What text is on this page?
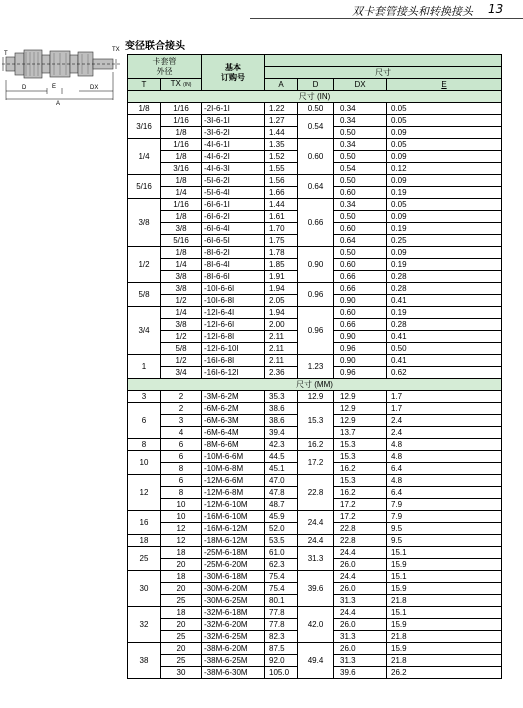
双卡套管接头和转换接头 13
变径联合接头
TX
T
D	E	DX
A
卡套管
外径		基本
订购号				
			尺寸			
T	TX (IN)		A	D	DX	E
尺寸 (IN)						
1/8	1/16	-2I-6-1I	1.22	0.50	0.34	0.05
3/16	1/16	-3I-6-1I	1.27	0.54	0.34	0.05
	1/8	-3I-6-2I	1.44		0.50	0.09
1/4	1/16	-4I-6-1I	1.35	0.60	0.34	0.05
	1/8	-4I-6-2I	1.52		0.50	0.09
	3/16	-4I-6-3I	1.55		0.54	0.12
5/16	1/8	-5I-6-2I	1.56	0.64	0.50	0.09
	1/4	-5I-6-4I	1.66		0.60	0.19
3/8	1/16	-6I-6-1I	1.44	0.66	0.34	0.05
	1/8	-6I-6-2I	1.61		0.50	0.09
	3/8	-6I-6-4I	1.70		0.60	0.19
	5/16	-6I-6-5I	1.75		0.64	0.25
1/2	1/8	-8I-6-2I	1.78	0.90	0.50	0.09
	1/4	-8I-6-4I	1.85		0.60	0.19
	3/8	-8I-6-6I	1.91		0.66	0.28
5/8	3/8	-10I-6-6I	1.94	0.96	0.66	0.28
	1/2	-10I-6-8I	2.05		0.90	0.41
3/4	1/4	-12I-6-4I	1.94	0.96	0.60	0.19
	3/8	-12I-6-6I	2.00		0.66	0.28
	1/2	-12I-6-8I	2.11		0.90	0.41
	5/8	-12I-6-10I	2.11		0.96	0.50
1	1/2	-16I-6-8I	2.11	1.23	0.90	0.41
	3/4	-16I-6-12I	2.36		0.96	0.62
尺寸 (MM)						
3	2	-3M-6-2M	35.3	12.9	12.9	1.7
6	2	-6M-6-2M	38.6	15.3	12.9	1.7
	3	-6M-6-3M	38.6		12.9	2.4
	4	-6M-6-4M	39.4		13.7	2.4
8	6	-8M-6-6M	42.3	16.2	15.3	4.8
10	6	-10M-6-6M	44.5	17.2	15.3	4.8
	8	-10M-6-8M	45.1		16.2	6.4
12	6	-12M-6-6M	47.0	22.8	15.3	4.8
	8	-12M-6-8M	47.8		16.2	6.4
	10	-12M-6-10M	48.7		17.2	7.9
16	10	-16M-6-10M	45.9	24.4	17.2	7.9
	12	-16M-6-12M	52.0		22.8	9.5
18	12	-18M-6-12M	53.5	24.4	22.8	9.5
25	18	-25M-6-18M	61.0	31.3	24.4	15.1
	20	-25M-6-20M	62.3		26.0	15.9
30	18	-30M-6-18M	75.4	39.6	24.4	15.1
	20	-30M-6-20M	75.4		26.0	15.9
	25	-30M-6-25M	80.1		31.3	21.8
32	18	-32M-6-18M	77.8	42.0	24.4	15.1
	20	-32M-6-20M	77.8		26.0	15.9
	25	-32M-6-25M	82.3		31.3	21.8
38	20	-38M-6-20M	87.5	49.4	26.0	15.9
	25	-38M-6-25M	92.0		31.3	21.8
	30	-38M-6-30M	105.0		39.6	26.2
